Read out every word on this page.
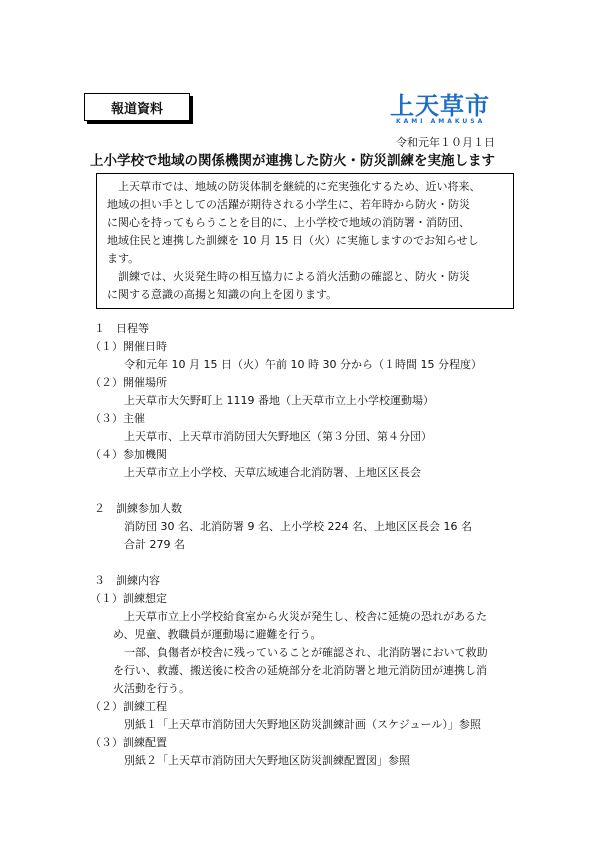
報道資料	上天草市
KAMI AMAKUSA
令和元年１０月１日
上小学校で地域の関係機関が連携した防火・防災訓練を実施します
上天草市では、地域の防災体制を継続的に充実強化するため、近い将来、
地域の担い手としての活躍が期待される小学生に、若年時から防火・防災
に関心を持ってもらうことを目的に、上小学校で地域の消防署・消防団、
地域住民と連携した訓練を 10 月 15 日（火）に実施しますのでお知らせし
ます。
訓練では、火災発生時の相互協力による消火活動の確認と、防火・防災
に関する意識の高揚と知識の向上を図ります。
１　日程等
（１）開催日時
令和元年 10 月 15 日（火）午前 10 時 30 分から（１時間 15 分程度）
（２）開催場所
上天草市大矢野町上 1119 番地（上天草市立上小学校運動場）
（３）主催
上天草市、上天草市消防団大矢野地区（第３分団、第４分団）
（４）参加機関
上天草市立上小学校、天草広域連合北消防署、上地区区長会
２　訓練参加人数
消防団 30 名、北消防署 9 名、上小学校 224 名、上地区区長会 16 名
合計 279 名
３　訓練内容
（１）訓練想定
上天草市立上小学校給食室から火災が発生し、校舎に延焼の恐れがあるた
め、児童、教職員が運動場に避難を行う。
一部、負傷者が校舎に残っていることが確認され、北消防署において救助
を行い、救護、搬送後に校舎の延焼部分を北消防署と地元消防団が連携し消
火活動を行う。
（２）訓練工程
別紙１「上天草市消防団大矢野地区防災訓練計画（スケジュール）」参照
（３）訓練配置
別紙２「上天草市消防団大矢野地区防災訓練配置図」参照
